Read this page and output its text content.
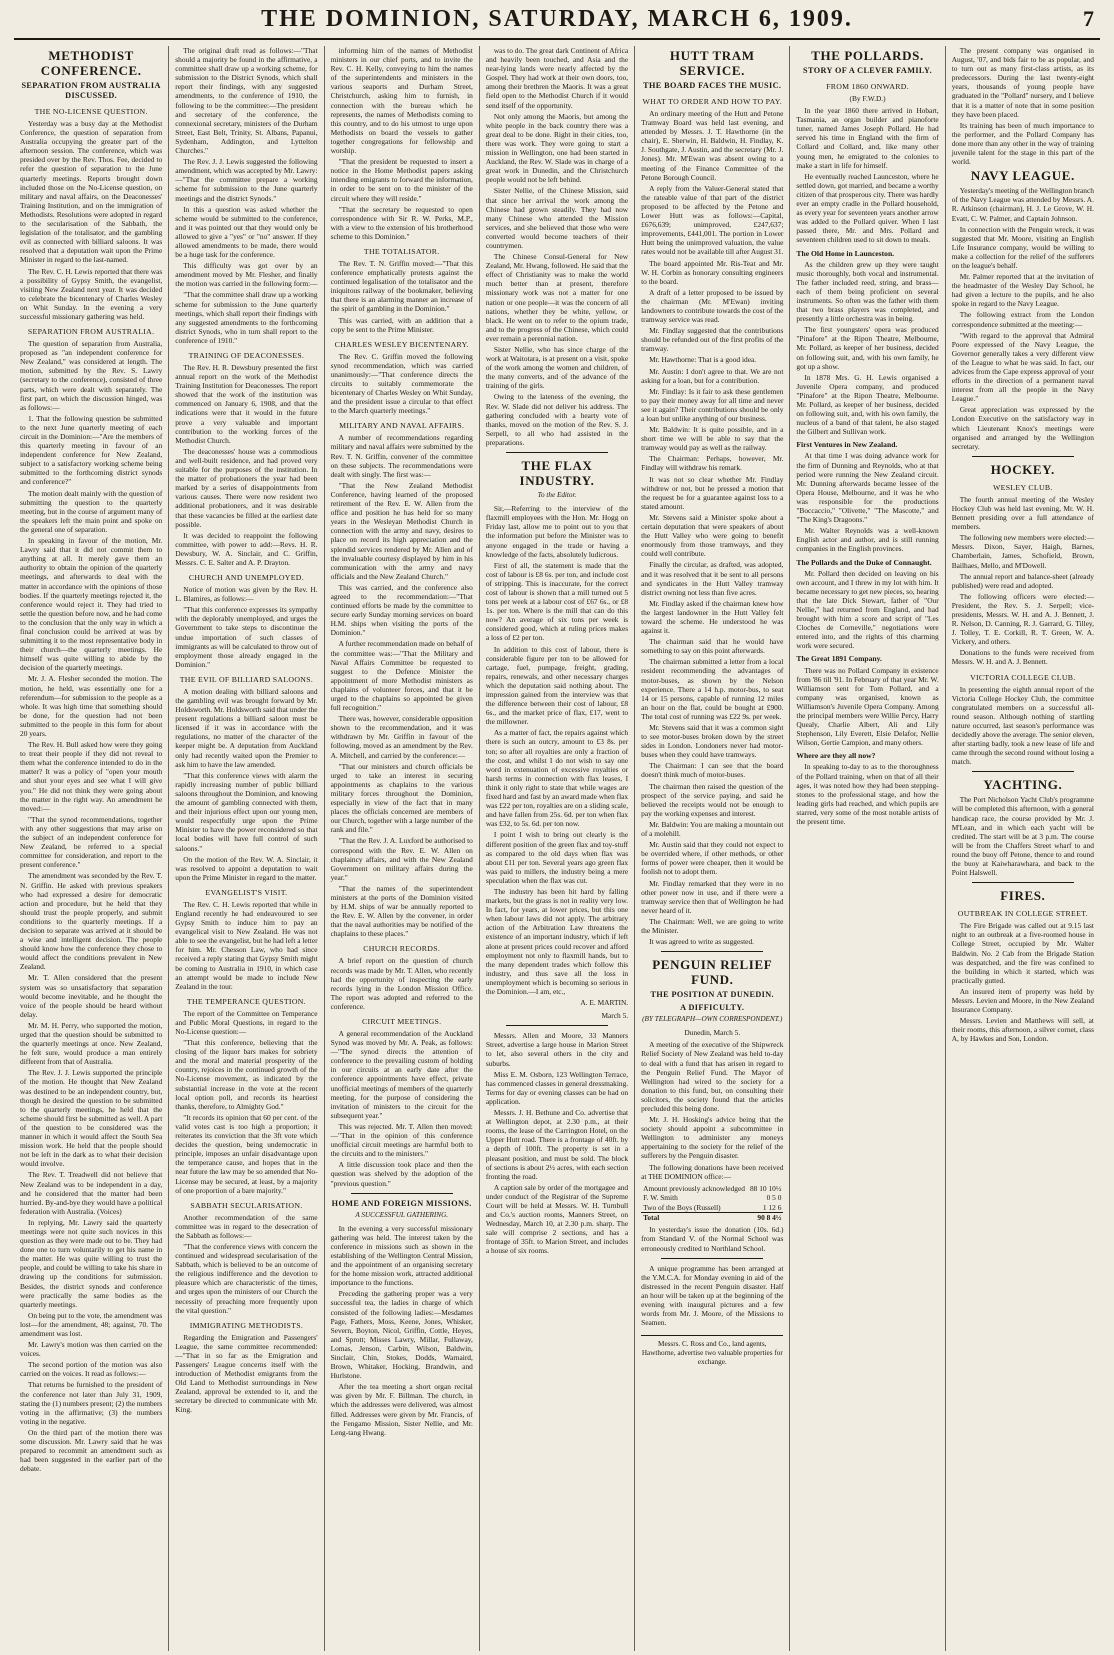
THE DOMINION, SATURDAY, MARCH 6, 1909.	7
METHODIST CONFERENCE.
SEPARATION FROM AUSTRALIA DISCUSSED.
THE NO-LICENSE QUESTION.

Yesterday was a busy day at the Methodist Conference, the question of separation from Australia occupying the greater part of the afternoon session. The conference, which was presided over by the Rev. Thos. Fee, decided to refer the question of separation to the June quarterly meetings. Reports brought down included those on the No-License question, on military and naval affairs, on the Deaconesses' Training Institution, and on the immigration of Methodists. Resolutions were adopted in regard to the secularisation of the Sabbath, the legislation of the totalisator, and the gambling evil as connected with billiard saloons. It was resolved that a deputation wait upon the Prime Minister in regard to the last-named.

The Rev. C. H. Lewis reported that there was a possibility of Gypsy Smith, the evangelist, visiting New Zealand next year. It was decided to celebrate the bicentenary of Charles Wesley on Whit Sunday. In the evening a very successful missionary gathering was held.

SEPARATION FROM AUSTRALIA.

The question of separation from Australia, proposed as "an independent conference for New Zealand," was considered at length. The motion, submitted by the Rev. S. Lawry (secretary to the conference), consisted of three parts, which were dealt with separately. The first part, on which the discussion hinged, was as follows:—

1. That the following question be submitted to the next June quarterly meeting of each circuit in the Dominion:—"Are the members of this quarterly meeting in favour of an independent conference for New Zealand, subject to a satisfactory working scheme being submitted to the forthcoming district synods and conference?"

The motion dealt mainly with the question of submitting the question to the quarterly meeting, but in the course of argument many of the speakers left the main point and spoke on the general one of separation.

In speaking in favour of the motion, Mr. Lawry said that it did not commit them to anything at all. It merely gave them an authority to obtain the opinion of the quarterly meetings, and afterwards to deal with the matter in accordance with the opinions of those bodies. If the quarterly meetings rejected it, the conference would reject it. They had tried to settle the question before now, and he had come to the conclusion that the only way in which a final conclusion could be arrived at was by submitting it to the most representative body in their church—the quarterly meetings. He himself was quite willing to abide by the decision of the quarterly meetings.

Mr. J. A. Flesher seconded the motion. The motion, he held, was essentially one for a referendum—for submission to the people as a whole. It was high time that something should be done, for the question had not been submitted to the people in this form for about 20 years.

The Rev. H. Bull asked how were they going to treat their people if they did not reveal to them what the conference intended to do in the matter? It was a policy of "open your mouth and shut your eyes and see what I will give you." He did not think they were going about the matter in the right way. An amendment he moved:—

"That the synod recommendations, together with any other suggestions that may arise on the subject of an independent conference for New Zealand, be referred to a special committee for consideration, and report to the present conference."

The amendment was seconded by the Rev. T. N. Griffin. He asked with previous speakers who had expressed a desire for democratic action and procedure, but he held that they should trust the people properly, and submit conditions to the quarterly meetings. If a decision to separate was arrived at it should be a wise and intelligent decision. The people should know how the conference they chose to would affect the conditions prevalent in New Zealand.

Mr. T. Allen considered that the present system was so unsatisfactory that separation would become inevitable, and he thought the voice of the people should be heard without delay.

Mr. M. H. Perry, who supported the motion, urged that the question should be submitted to the quarterly meetings at once. New Zealand, he felt sure, would produce a man entirely different from that of Australia.

The Rev. J. J. Lewis supported the principle of the motion. He thought that New Zealand was destined to be an independent country, but, though he desired the question to be submitted to the quarterly meetings, he held that the scheme should first be submitted as well. A part of the question to be considered was the manner in which it would affect the South Sea mission work. He held that the people should not be left in the dark as to what their decision would involve.

The Rev. T. Treadwell did not believe that New Zealand was to be independent in a day, and he considered that the matter had been hurried. By-and-bye they would have a political federation with Australia. (Voices)

In replying, Mr. Lawry said the quarterly meetings were not quite such novices in this question as they were made out to be. They had done one to turn voluntarily to get his name in the matter. He was quite willing to trust the people, and could be willing to take his share in drawing up the conditions for submission. Besides, the district synods and conference were practically the same bodies as the quarterly meetings.

On being put to the vote, the amendment was lost—for the amendment, 48; against, 70. The amendment was lost.

Mr. Lawry's motion was then carried on the voices.

The second portion of the motion was also carried on the voices. It read as follows:—

That returns be furnished to the president of the conference not later than July 31, 1909, stating the (1) numbers present; (2) the numbers voting in the affirmative; (3) the numbers voting in the negative.

On the third part of the motion there was some discussion. Mr. Lawry said that he was prepared to recommit an amendment such as had been suggested in the earlier part of the debate.

The original draft read as follows:—"That should a majority be found in the affirmative, a committee shall draw up a working scheme, for submission to the District Synods, which shall report their findings, with any suggested amendments, to the conference of 1910, the following to be the committee:—The president and secretary of the conference, the connexional secretary, ministers of the Durham Street, East Belt, Trinity, St. Albans, Papanui, Sydenham, Addington, and Lyttelton Churches."

The Rev. J. J. Lewis suggested the following amendment, which was accepted by Mr. Lawry:—"That the committee prepare a working scheme for submission to the June quarterly meetings and the district Synods."

In this a question was asked whether the scheme would be submitted to the conference, and it was pointed out that they would only be allowed to give a "yes" or "no" answer. If they allowed amendments to be made, there would be a huge task for the conference.

This difficulty was got over by an amendment moved by Mr. Flesher, and finally the motion was carried in the following form:—

"That the committee shall draw up a working scheme for submission to the June quarterly meetings, which shall report their findings with any suggested amendments to the forthcoming district Synods, who in turn shall report to the conference of 1910."

TRAINING OF DEACONESSES.

The Rev. H. R. Dewsbury presented the first annual report on the work of the Methodist Training Institution for Deaconesses. The report showed that the work of the institution was commenced on January 6, 1908, and that the indications were that it would in the future prove a very valuable and important contribution to the working forces of the Methodist Church.

The deaconesses' house was a commodious and well-built residence, and had proved very suitable for the purposes of the institution. In the matter of probationers the year had been marked by a series of disappointments from various causes. There were now resident two additional probationers, and it was desirable that these vacancies be filled at the earliest date possible.

It was decided to reappoint the following committee, with power to add:—Revs. H. R. Dewsbury, W. A. Sinclair, and C. Griffin, Messrs. C. E. Salter and A. P. Drayton.

CHURCH AND UNEMPLOYED.

Notice of motion was given by the Rev. H. L. Blamires, as follows:—

"That this conference expresses its sympathy with the deplorably unemployed, and urges the Government to take steps to discontinue the undue importation of such classes of immigrants as will be calculated to throw out of employment those already engaged in the Dominion."

THE EVIL OF BILLIARD SALOONS.

A motion dealing with billiard saloons and the gambling evil was brought forward by Mr. Holdsworth. Mr. Holdsworth said that under the present regulations a billiard saloon must be licensed if it was in accordance with the regulations, no matter of the character of the keeper might be. A deputation from Auckland only had recently waited upon the Premier to ask him to have the law amended.

"That this conference views with alarm the rapidly increasing number of public billiard saloons throughout the Dominion, and knowing the amount of gambling connected with them, and their injurious effect upon our young men, would respectfully urge upon the Prime Minister to have the power reconsidered so that local bodies will have full control of such saloons."

On the motion of the Rev. W. A. Sinclair, it was resolved to appoint a deputation to wait upon the Prime Minister in regard to the matter.

EVANGELIST'S VISIT.

The Rev. C. H. Lewis reported that while in England recently he had endeavoured to see Gypsy Smith to induce him to pay an evangelical visit to New Zealand. He was not able to see the evangelist, but he had left a letter for him. Mr. Chesson Law, who had since received a reply stating that Gypsy Smith might be coming to Australia in 1910, in which case an attempt would be made to include New Zealand in the tour.

THE TEMPERANCE QUESTION.

The report of the Committee on Temperance and Public Moral Questions, in regard to the No-License question:—

"That this conference, believing that the closing of the liquor bars makes for sobriety and the moral and material prosperity of the country, rejoices in the continued growth of the No-License movement, as indicated by the substantial increase in the vote at the recent local option poll, and records its heartiest thanks, therefore, to Almighty God."

"It records its opinion that 60 per cent. of the valid votes cast is too high a proportion; it reiterates its conviction that the 3ft vote which decides the question, being undemocratic in principle, imposes an unfair disadvantage upon the temperance cause, and hopes that in the near future the law may be so amended that No-License may be secured, at least, by a majority of one proportion of a bare majority."

SABBATH SECULARISATION.

Another recommendation of the same committee was in regard to the desecration of the Sabbath as follows:—

"That the conference views with concern the continued and widespread secularisation of the Sabbath, which is believed to be an outcome of the religious indifference and the devotion to pleasure which are characteristic of the times, and urges upon the ministers of our Church the necessity of preaching more frequently upon the vital question."

IMMIGRATING METHODISTS.

Regarding the Emigration and Passengers' League, the same committee recommended:—"That in so far as the Emigration and Passengers' League concerns itself with the introduction of Methodist emigrants from the Old Land to Methodist surroundings in New Zealand, approval be extended to it, and the secretary be directed to communicate with Mr. King.

informing him of the names of Methodist ministers in our chief ports, and to invite the Rev. C. H. Kelly, conveying to him the names of the superintendents and ministers in the various seaports and Durham Street, Christchurch, asking him to furnish, in connection with the bureau which he represents, the names of Methodists coming to this country, and to do his utmost to urge upon Methodists on board the vessels to gather together congregations for fellowship and worship.

"That the president be requested to insert a notice in the Home Methodist papers asking intending emigrants to forward the information, in order to be sent on to the minister of the circuit where they will reside."

"That the secretary be requested to open correspondence with Sir R. W. Perks, M.P., with a view to the extension of his brotherhood scheme to this Dominion."

THE TOTALISATOR.

The Rev. T. N. Griffin moved:—"That this conference emphatically protests against the continued legalisation of the totalisator and the iniquitous railway of the bookmaker, believing that there is an alarming manner an increase of the spirit of gambling in the Dominion."

This was carried, with an addition that a copy be sent to the Prime Minister.

CHARLES WESLEY BICENTENARY.

The Rev. C. Griffin moved the following synod recommendation, which was carried unanimously:—"That conference directs the circuits to suitably commemorate the bicentenary of Charles Wesley on Whit Sunday, and the president issue a circular to that effect to the March quarterly meetings."

MILITARY AND NAVAL AFFAIRS.

A number of recommendations regarding military and naval affairs were submitted by the Rev. T. N. Griffin, convener of the committee on these subjects. The recommendations were dealt with singly. The first was:—

"That the New Zealand Methodist Conference, having learned of the proposed retirement of the Rev. E. W. Allen from the office and position he has held for so many years in the Wesleyan Methodist Church in connection with the army and navy, desires to place on record its high appreciation and the splendid services rendered by Mr. Allen and of the invaluable courtesy displayed by him in his communication with the army and navy officials and the New Zealand Church."

This was carried, and the conference also agreed to the recommendation:—"That continued efforts be made by the committee to secure early Sunday morning services on board H.M. ships when visiting the ports of the Dominion."

A further recommendation made on behalf of the committee was:—"That the Military and Naval Affairs Committee be requested to suggest to the Defence Minister the appointment of more Methodist ministers as chaplains of volunteer forces, and that it be urged to the chaplains so appointed be given full recognition."

There was, however, considerable opposition shown to the recommendation, and it was withdrawn by Mr. Griffin in favour of the following, moved as an amendment by the Rev. A. Mitchell, and carried by the conference:—

"That our ministers and church officials be urged to take an interest in securing appointments as chaplains to the various military forces throughout the Dominion, especially in view of the fact that in many places the officials concerned are members of our Church, together with a large number of the rank and file."

"That the Rev. J. A. Luxford be authorised to correspond with the Rev. E. W. Allen on chaplaincy affairs, and with the New Zealand Government on military affairs during the year."

"That the names of the superintendent ministers at the ports of the Dominion visited by H.M. ships of war be annually reported to the Rev. E. W. Allen by the convener, in order that the naval authorities may be notified of the chaplains to these places."

CHURCH RECORDS.

A brief report on the question of church records was made by Mr. T. Allen, who recently had the opportunity of inspecting the early records lying in the London Mission Office. The report was adopted and referred to the conference.

CIRCUIT MEETINGS.

A general recommendation of the Auckland Synod was moved by Mr. A. Peak, as follows:—"The synod directs the attention of conference to the prevailing custom of holding in our circuits at an early date after the conference appointments have effect, private unofficial meetings of members of the quarterly meeting, for the purpose of considering the invitation of ministers to the circuit for the subsequent year."

This was rejected. Mr. T. Allen then moved:—"That in the opinion of this conference unofficial circuit meetings are harmful both to the circuits and to the ministers."

A little discussion took place and then the question was shelved by the adoption of the "previous question."

HOME AND FOREIGN MISSIONS.
A SUCCESSFUL GATHERING.

In the evening a very successful missionary gathering was held. The interest taken by the conference in missions such as shown in the establishing of the Wellington Central Mission, and the appointment of an organising secretary for the home mission work, attracted additional importance to the functions.

Preceding the gathering proper was a very successful tea, the ladies in charge of which consisted of the following ladies:—Mesdames Page, Fathers, Moss, Keene, Jones, Whisker, Severn, Boyton, Nicol, Griffin, Cottle, Heyes, and Sprott; Misses Lawry, Millar, Fullaway, Lomas, Jenson, Carbin, Wilson, Baldwin, Sinclair, Chin, Stokes, Dodds, Warnaird, Brown, Whitaker, Hocking, Brandwin, and Hurlstone.

After the tea meeting a short organ recital was given by Mr. F. Billman. The church, in which the addresses were delivered, was almost filled. Addresses were given by Mr. Francis, of the Fengamo Mission, Sister Nellie, and Mr. Leng-tang Hwang.

was to do. The great dark Continent of Africa and heavily been touched, and Asia and the near-lying lands were nearly affected by the Gospel. They had work at their own doors, too, among their brethren the Maoris. It was a great field open to the Methodist Church if it would send itself of the opportunity.

Not only among the Maoris, but among the white people in the back country there was a great deal to be done. Right in their cities, too, there was work. They were going to start a mission in Wellington, one had been started in Auckland, the Rev. W. Slade was in charge of a great work in Dunedin, and the Christchurch people would not be left behind.

Sister Nellie, of the Chinese Mission, said that since her arrival the work among the Chinese had grown steadily. They had now many Chinese who attended the Mission services, and she believed that those who were converted would become teachers of their countrymen.

The Chinese Consul-General for New Zealand, Mr. Hwang, followed. He said that the effect of Christianity was to make the world much better than at present, therefore missionary work was not a matter for one nation or one people—it was the concern of all nations, whether they be white, yellow, or black. He went on to refer to the opium trade, and to the progress of the Chinese, which could ever remain a perennial nation.

Sister Nellie, who has since charge of the work at Waitotara, is at present on a visit, spoke of the work among the women and children, of the many converts, and of the advance of the training of the girls.

Owing to the lateness of the evening, the Rev. W. Slade did not deliver his address. The gathering concluded with a hearty vote of thanks, moved on the motion of the Rev. S. J. Serpell, to all who had assisted in the preparations.

THE FLAX INDUSTRY.
To the Editor.

Sir,—Referring to the interview of the flaxmill employees with the Hon. Mr. Hogg on Friday last, allow me to point out to you that the information put before the Minister was to anyone engaged in the trade or having a knowledge of the facts, absolutely ludicrous.

First of all, the statement is made that the cost of labour is £8 6s. per ton, and include cost of stripping. This is inaccurate, for the correct cost of labour is shown that a mill turned out 5 tons per week at a labour cost of £67 6s., or £8 1s. per ton. Where is the mill that can do this now? An average of six tons per week is considered good, which at ruling prices makes a loss of £2 per ton.

In addition to this cost of labour, there is considerable figure per ton to be allowed for cartage, fuel, pumpage, freight, grading, repairs, renewals, and other necessary charges which the deputation said nothing about. The impression gained from the interview was that the difference between their cost of labour, £8 6s., and the market price of flax, £17, went to the millowner.

As a matter of fact, the repairs against which there is such an outcry, amount to £3 8s. per ton; so after all royalties are only a fraction of the cost, and whilst I do not wish to say one word in extenuation of excessive royalties or harsh terms in connection with flax leases, I think it only right to state that while wages are fixed hard and fast by an award made when flax was £22 per ton, royalties are on a sliding scale, and have fallen from 25s. 6d. per ton when flax was £32, to 5s. 6d. per ton now.

I point I wish to bring out clearly is the different position of the green flax and toy-stuff as compared to the old days when flax was about £11 per ton. Several years ago green flax was paid to millers, the industry being a mere speculation when the flax was cut.

The industry has been hit hard by falling markets, but the grass is not in reality very low. In fact, for years, at lower prices, but this one when labour laws did not apply. The arbitrary action of the Arbitration Law threatens the existence of an important industry, which if left alone at present prices could recover and afford employment not only to flaxmill hands, but to the many dependent trades which follow this industry, and thus save all the loss in unemployment which is becoming so serious in the Dominion.—I am, etc.,

A. E. MARTIN.
March 5.

Messrs. Allen and Moore, 33 Manners Street, advertise a large house in Marion Street to let, also several others in the city and suburbs.

Miss E. M. Osborn, 123 Wellington Terrace, has commenced classes in general dressmaking. Terms for day or evening classes can be had on application.

Messrs. J. H. Bethune and Co. advertise that at Wellington depot, at 2.30 p.m., at their rooms, the lease of the Carrington Hotel, on the Upper Hutt road. There is a frontage of 40ft. by a depth of 100ft. The property is set in a pleasant position, and must be sold. The block of sections is about 2½ acres, with each section fronting the road.

A caption sale by order of the mortgagee and under conduct of the Registrar of the Supreme Court will be held at Messrs. W. H. Turnbull and Co.'s auction rooms, Manners Street, on Wednesday, March 10, at 2.30 p.m. sharp. The sale will comprise 2 sections, and has a frontage of 35ft. to Marion Street, and includes a house of six rooms.

HUTT TRAM SERVICE.
THE BOARD FACES THE MUSIC.
WHAT TO ORDER AND HOW TO PAY.

An ordinary meeting of the Hutt and Petone Tramway Board was held last evening, and attended by Messrs. J. T. Hawthorne (in the chair), E. Sherwin, H. Baldwin, H. Findlay, K. J. Southgate, J. Austin, and the secretary (Mr. J. Jones). Mr. M'Ewan was absent owing to a meeting of the Finance Committee of the Petone Borough Council.

A reply from the Valuer-General stated that the rateable value of that part of the district proposed to be affected by the Petone and Lower Hutt was as follows:—Capital, £676,639; unimproved, £247,637; improvements, £441,001. The portion in Lower Hutt being the unimproved valuation, the value rates would not be available till after August 31.

The board appointed Mr. Ris-Teat and Mr. W. H. Corbin as honorary consulting engineers to the board.

A draft of a letter proposed to be issued by the chairman (Mr. M'Ewan) inviting landowners to contribute towards the cost of the tramway service was read.

Mr. Findlay suggested that the contributions should be refunded out of the first profits of the tramway.

Mr. Hawthorne: That is a good idea.

Mr. Austin: I don't agree to that. We are not asking for a loan, but for a contribution.

Mr. Findlay: Is it fair to ask these gentlemen to pay their money away for all time and never see it again? Their contributions should be only a loan but unlike anything of our business.

Mr. Baldwin: It is quite possible, and in a short time we will be able to say that the tramway would pay as well as the railway.

The Chairman: Perhaps, however, Mr. Findlay will withdraw his remark.

It was not so clear whether Mr. Findlay withdrew or not, but he pressed a motion that the request be for a guarantee against loss to a stated amount.

Mr. Stevens said a Minister spoke about a certain deputation that were speakers of about the Hutt Valley who were going to benefit enormously from those tramways, and they could well contribute.

Finally the circular, as drafted, was adopted, and it was resolved that it be sent to all persons and syndicates in the Hutt Valley tramway district owning not less than five acres.

Mr. Findlay asked if the chairman knew how the largest landowner in the Hutt Valley felt toward the scheme. He understood he was against it.

The chairman said that he would have something to say on this point afterwards.

The chairman submitted a letter from a local resident recommending the advantages of motor-buses, as shown by the Nelson experience. There a 14 h.p. motor-bus, to seat 14 or 15 persons, capable of running 12 miles an hour on the flat, could be bought at £900. The total cost of running was £22 9s. per week.

Mr. Stevens said that it was a common sight to see motor-buses broken down by the street sides in London. Londoners never had motor-buses when they could have tramways.

The Chairman: I can see that the board doesn't think much of motor-buses.

The chairman then raised the question of the prospect of the service paying, and said he believed the receipts would not be enough to pay the working expenses and interest.

Mr. Baldwin: You are making a mountain out of a molehill.

Mr. Austin said that they could not expect to be overrided where, if other methods, or other forms of power were cheaper, then it would be foolish not to adopt them.

Mr. Findlay remarked that they were in no other power now in use, and if there were a tramway service then that of Wellington he had never heard of it.

The Chairman: Well, we are going to write the Minister.

It was agreed to write as suggested.

PENGUIN RELIEF FUND.
THE POSITION AT DUNEDIN.
A DIFFICULTY.
(BY TELEGRAPH—OWN CORRESPONDENT.)
Dunedin, March 5.

A meeting of the executive of the Shipwreck Relief Society of New Zealand was held to-day to deal with a fund that has arisen in regard to the Penguin Relief Fund. The Mayor of Wellington had wired to the society for a donation to this fund, but, on consulting their solicitors, the society found that the articles precluded this being done.

Mr. J. H. Hosking's advice being that the society should appoint a subcommittee in Wellington to administer any moneys appertaining to the society for the relief of the sufferers by the Penguin disaster.

The following donations have been received at THE DOMINION office:—

Amount previously acknowledged	88 10 10½
F. W. Smith	0 5 0
Two of the Boys (Russell)	1 12 6
Total	90 8 4½

In yesterday's issue the donation (10s. 6d.) from Standard V. of the Normal School was erroneously credited to Northland School.

A unique programme has been arranged at the Y.M.C.A. for Monday evening in aid of the distressed in the recent Penguin disaster. Half an hour will be taken up at the beginning of the evening with inaugural pictures and a few words from Mr. J. Moore, of the Missions to Seamen.

Messrs. C. Ross and Co., land agents, Hawthorne, advertise two valuable properties for exchange.
THE POLLARDS.
STORY OF A CLEVER FAMILY.
FROM 1860 ONWARD.
(By F.W.D.)

In the year 1860 there arrived in Hobart, Tasmania, an organ builder and pianoforte tuner, named James Joseph Pollard. He had served his time in England with the firm of Collard and Collard, and, like many other young men, he emigrated to the colonies to make a start in life for himself.

He eventually reached Launceston, where he settled down, got married, and became a worthy citizen of that prosperous city. There was hardly ever an empty cradle in the Pollard household, as every year for seventeen years another arrow was added to the Pollard quiver. When I last passed there, Mr. and Mrs. Pollard and seventeen children used to sit down to meals.

The Old Home in Launceston.

As the children grew up they were taught music thoroughly, both vocal and instrumental. The father included reed, string, and brass—each of them being proficient on several instruments. So often was the father with them that two brass players was completed, and presently a little orchestra was in being.

The first youngsters' opera was produced "Pinafore" at the Ripon Theatre, Melbourne, Mr. Pollard, as keeper of her business, decided on following suit, and, with his own family, he got up a show.

In 1878 Mrs. G. H. Lewis organised a Juvenile Opera company, and produced "Pinafore" at the Ripon Theatre, Melbourne. Mr. Pollard, as keeper of her business, decided on following suit, and, with his own family, the nucleus of a band of that talent, he also staged the Gilbert and Sullivan work.

First Ventures in New Zealand.

At that time I was doing advance work for the firm of Dunning and Reynolds, who at that period were running the New Zealand circuit. Mr. Dunning afterwards became lessee of the Opera House, Melbourne, and it was he who was responsible for the productions "Boccaccio," "Olivette," "The Mascotte," and "The King's Dragoons."

Mr. Walter Reynolds was a well-known English actor and author, and is still running companies in the English provinces.

The Pollards and the Duke of Connaught.

Mr. Pollard then decided on leaving on his own account, and I threw in my lot with him. It became necessary to get new pieces, so, hearing that the late Dick Stewart, father of "Our Nellie," had returned from England, and had brought with him a score and script of "Les Cloches de Corneville," negotiations were entered into, and the rights of this charming work were secured.

The Great 1891 Company.

There was no Pollard Company in existence from '86 till '91. In February of that year Mr. W. Williamson sent for Tom Pollard, and a company was organised, known as Williamson's Juvenile Opera Company. Among the principal members were Willie Percy, Harry Quealy, Charlie Albert, Ali and Lily Stephenson, Lily Everett, Elsie Delafor, Nellie Wilson, Gertie Campion, and many others.

Where are they all now?

In speaking to-day to as to the thoroughness of the Pollard training, when on that of all their ages, it was noted how they had been stepping-stones to the professional stage, and how the leading girls had reached, and which pupils are starred, very some of the most notable artists of the present time.

The present company was organised in August, '07, and bids fair to be as popular, and to turn out as many first-class artists, as its predecessors. During the last twenty-eight years, thousands of young people have graduated in the "Pollard" nursery, and I believe that it is a matter of note that in some position they have been placed.

Its training has been of much importance to the performer, and the Pollard Company has done more than any other in the way of training juvenile talent for the stage in this part of the world.

NAVY LEAGUE.

Yesterday's meeting of the Wellington branch of the Navy League was attended by Messrs. A. R. Atkinson (chairman), H. J. Le Grove, W. H. Evatt, C. W. Palmer, and Captain Johnson.

In connection with the Penguin wreck, it was suggested that Mr. Moore, visiting an English Life Insurance company, would be willing to make a collection for the relief of the sufferers on the league's behalf.

Mr. Palmer reported that at the invitation of the headmaster of the Wesley Day School, he had given a lecture to the pupils, and he also spoke in regard to the Navy League.

The following extract from the London correspondence submitted at the meeting:—

"With regard to the approval that Admiral Poore expressed of the Navy League, the Governor generally takes a very different view of the League to what he was said. In fact, our advices from the Cape express approval of your efforts in the direction of a permanent naval interest from all the people in the Navy League."

Great appreciation was expressed by the London Executive on the satisfactory way in which Lieutenant Knox's meetings were organised and arranged by the Wellington secretary.

HOCKEY.
WESLEY CLUB.

The fourth annual meeting of the Wesley Hockey Club was held last evening, Mr. W. H. Bennett presiding over a full attendance of members.

The following new members were elected:—Messrs. Dixon, Sayer, Haigh, Barnes, Chamberlain, James, Schofield, Brown, Bailhaes, Mello, and M'Dowell.

The annual report and balance-sheet (already published) were read and adopted.

The following officers were elected:—President, the Rev. S. J. Serpell; vice-presidents, Messrs. W. H. and A. J. Bennett, J. R. Nelson, D. Canning, R. J. Garrard, G. Tilley, J. Tolley, T. E. Corkill, R. T. Green, W. A. Vickery, and others.

Donations to the funds were received from Messrs. W. H. and A. J. Bennett.

VICTORIA COLLEGE CLUB.

In presenting the eighth annual report of the Victoria College Hockey Club, the committee congratulated members on a successful all-round season. Although nothing of startling nature occurred, last season's performance was decidedly above the average. The senior eleven, after starting badly, took a new lease of life and came through the second round without losing a match.

YACHTING.

The Port Nicholson Yacht Club's programme will be completed this afternoon, with a general handicap race, the course provided by Mr. J. M'Lean, and in which each yacht will be credited. The start will be at 3 p.m. The course will be from the Chaffers Street wharf to and round the buoy off Petone, thence to and round the buoy at Kaiwharawhara, and back to the Point Halswell.

FIRES.
OUTBREAK IN COLLEGE STREET.

The Fire Brigade was called out at 9.15 last night to an outbreak at a five-roomed house in College Street, occupied by Mr. Walter Baldwin. No. 2 Cab from the Brigade Station was despatched, and the fire was confined to the building in which it started, which was practically gutted.

An insured item of property was held by Messrs. Levien and Moore, in the New Zealand Insurance Company.

Messrs. Levien and Matthews will sell, at their rooms, this afternoon, a silver cornet, class A, by Hawkes and Son, London.
